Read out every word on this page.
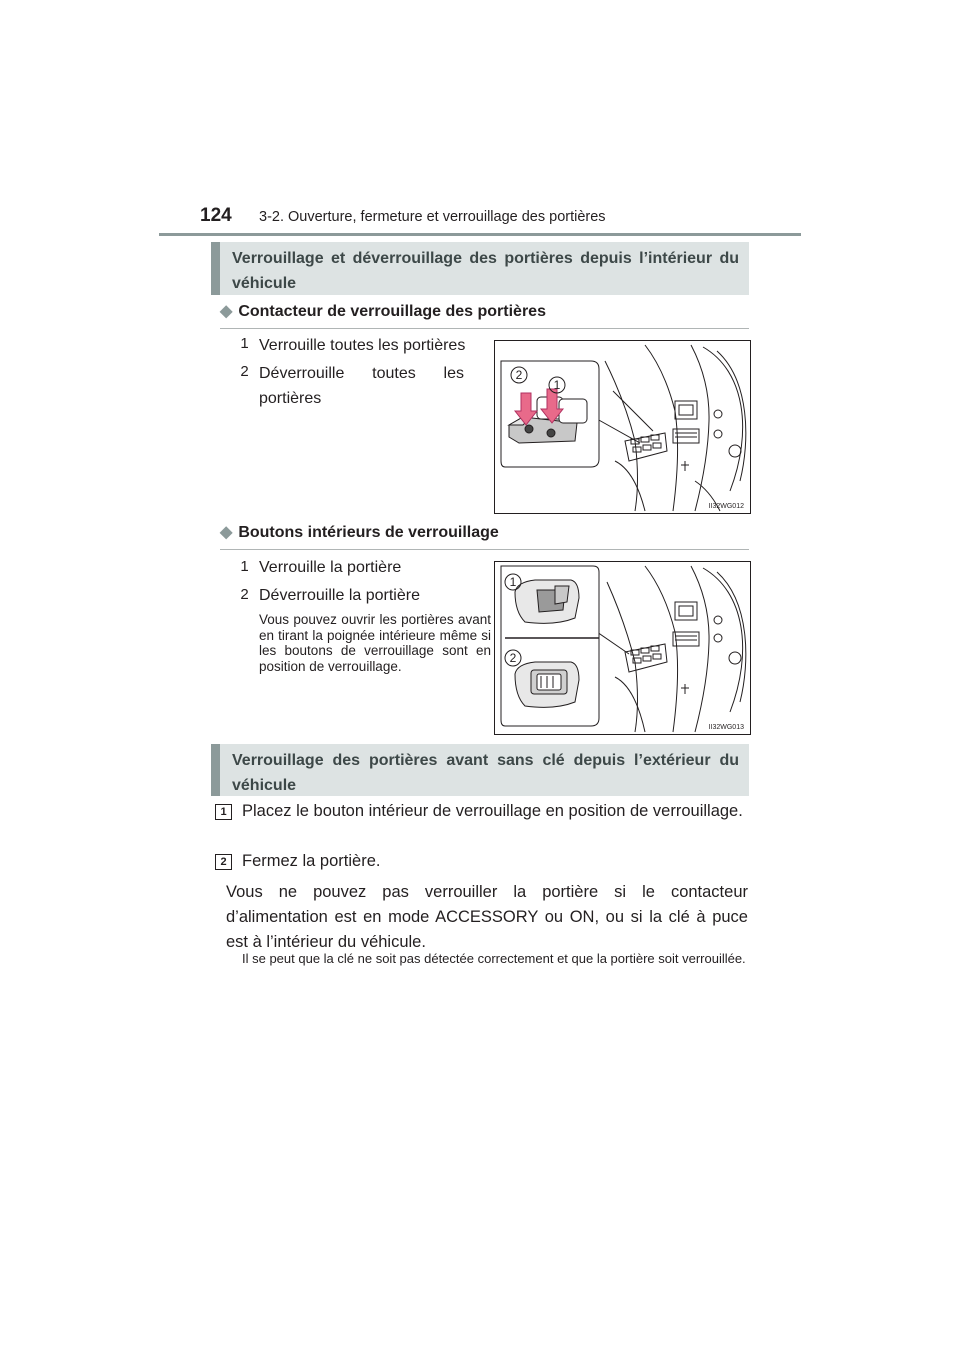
124 3-2. Ouverture, fermeture et verrouillage des portières
Verrouillage et déverrouillage des portières depuis l’intérieur du véhicule
◆ Contacteur de verrouillage des portières
1 Verrouille toutes les portières
2 Déverrouille toutes les portières
2
1
II32WG012
◆ Boutons intérieurs de verrouillage
1 Verrouille la portière
2 Déverrouille la portière
Vous pouvez ouvrir les portières avant en tirant la poignée intérieure même si les boutons de verrouillage sont en position de verrouillage.
1
2
II32WG013
Verrouillage des portières avant sans clé depuis l’extérieur du véhicule
1 Placez le bouton intérieur de verrouillage en position de verrouillage.
2 Fermez la portière.
Vous ne pouvez pas verrouiller la portière si le contacteur d’alimentation est en mode ACCESSORY ou ON, ou si la clé à puce est à l’intérieur du véhicule.
Il se peut que la clé ne soit pas détectée correctement et que la portière soit verrouillée.
